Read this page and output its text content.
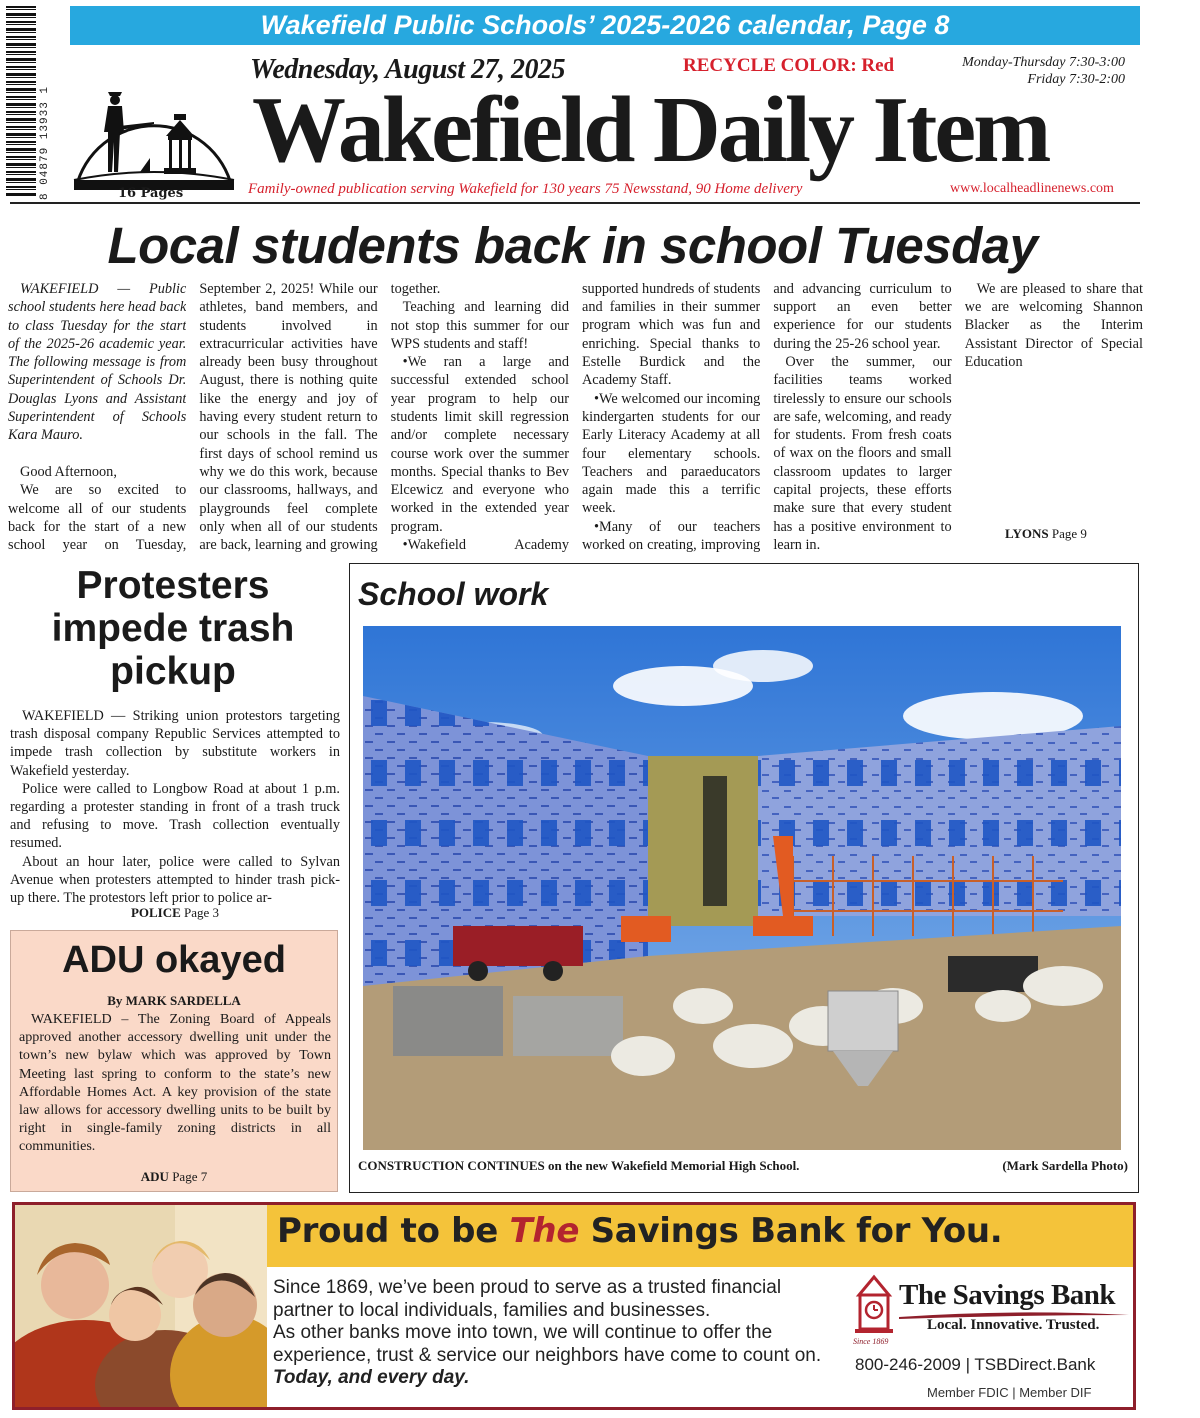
Wakefield Public Schools’ 2025-2026 calendar, Page 8
8 04879 13933 1	16 Pages
Wednesday, August 27, 2025	RECYCLE COLOR: Red	Monday-Thursday 7:30-3:00
Friday 7:30-2:00
Wakefield Daily Item
Family-owned publication serving Wakefield for 130 years 75 Newsstand, 90 Home delivery	www.localheadlinenews.com
Local students back in school Tuesday

WAKEFIELD — Public school students here head back to class Tuesday for the start of the 2025-26 academic year. The following message is from Superintendent of Schools Dr. Douglas Lyons and Assistant Superintendent of Schools Kara Mauro.

Good Afternoon,

We are so excited to welcome all of our students back for the start of a new school year on Tuesday,

September 2, 2025! While our athletes, band members, and students involved in extracurricular activities have already been busy throughout August, there is nothing quite like the energy and joy of having every student return to our schools in the fall. The first days of school remind us why we do this work, because our classrooms, hallways, and playgrounds feel complete only when all of our students are back, learning and growing

together.

Teaching and learning did not stop this summer for our WPS students and staff!

•We ran a large and successful extended school year program to help our students limit skill regression and/or complete necessary course work over the summer months. Special thanks to Bev Elcewicz and everyone who worked in the extended year program.

•Wakefield Academy

supported hundreds of students and families in their summer program which was fun and enriching. Special thanks to Estelle Burdick and the Academy Staff.

•We welcomed our incoming kindergarten students for our Early Literacy Academy at all four elementary schools. Teachers and paraeducators again made this a terrific week.

•Many of our teachers worked on creating, improving

and advancing curriculum to support an even better experience for our students during the 25-26 school year.

Over the summer, our facilities teams worked tirelessly to ensure our schools are safe, welcoming, and ready for students. From fresh coats of wax on the floors and small classroom updates to larger capital projects, these efforts make sure that every student has a positive environment to learn in.

We are pleased to share that we are welcoming Shannon Blacker as the Interim Assistant Director of Special Education

Protesters impede trash pickup

WAKEFIELD — Striking union protestors targeting trash disposal company Republic Services attempted to impede trash collection by substitute workers in Wakefield yesterday.

Police were called to Longbow Road at about 1 p.m. regarding a protester standing in front of a trash truck and refusing to move. Trash collection eventually resumed.

About an hour later, police were called to Sylvan Avenue when protesters attempted to hinder trash pick-up there. The protestors left prior to police ar-

POLICE Page 3
ADU okayed
By MARK SARDELLA

WAKEFIELD – The Zoning Board of Appeals approved another accessory dwelling unit under the town’s new bylaw which was approved by Town Meeting last spring to conform to the state’s new Affordable Homes Act. A key provision of the state law allows for accessory dwelling units to be built by right in single-family zoning districts in all communities.

ADU Page 7
School work
CONSTRUCTION CONTINUES on the new Wakefield Memorial High School.	(Mark Sardella Photo)
Proud to be The Savings Bank for You.

Since 1869, we’ve been proud to serve as a trusted financial partner to local individuals, families and businesses.

As other banks move into town, we will continue to offer the experience, trust & service our neighbors have come to count on. Today, and every day.

The Savings Bank
Local. Innovative. Trusted.
Since 1869
800-246-2009 | TSBDirect.Bank
Member FDIC | Member DIF
LYONS Page 9
